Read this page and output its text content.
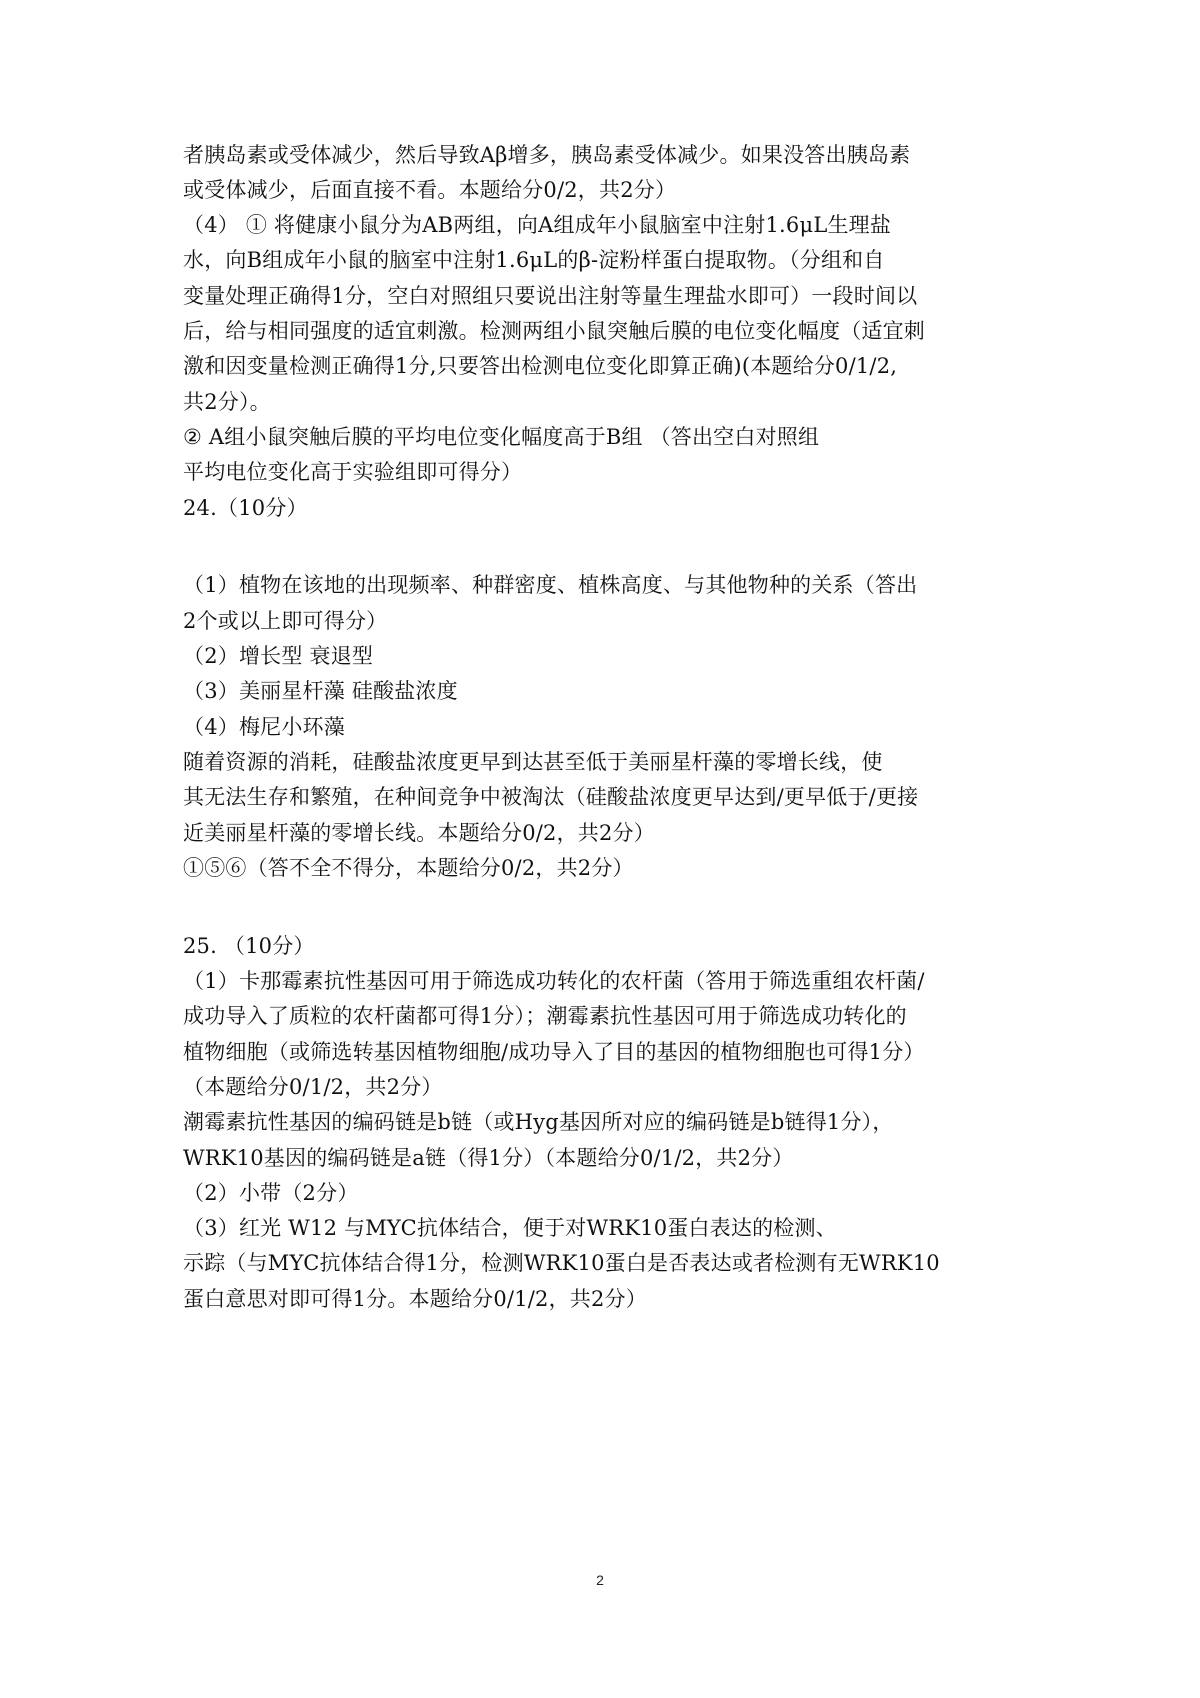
者胰岛素或受体减少，然后导致Aβ增多，胰岛素受体减少。如果没答出胰岛素
或受体减少，后面直接不看。本题给分0/2，共2分）
（4） ① 将健康小鼠分为AB两组，向A组成年小鼠脑室中注射1.6μL生理盐
水，向B组成年小鼠的脑室中注射1.6μL的β-淀粉样蛋白提取物。（分组和自
变量处理正确得1分，空白对照组只要说出注射等量生理盐水即可）一段时间以
后，给与相同强度的适宜刺激。检测两组小鼠突触后膜的电位变化幅度（适宜刺
激和因变量检测正确得1分,只要答出检测电位变化即算正确)(本题给分0/1/2,
共2分）。
② A组小鼠突触后膜的平均电位变化幅度高于B组 （答出空白对照组
平均电位变化高于实验组即可得分）
24.（10分）
（1）植物在该地的出现频率、种群密度、植株高度、与其他物种的关系（答出
2个或以上即可得分）
（2）增长型 衰退型
（3）美丽星杆藻 硅酸盐浓度
（4）梅尼小环藻
随着资源的消耗，硅酸盐浓度更早到达甚至低于美丽星杆藻的零增长线，使
其无法生存和繁殖，在种间竞争中被淘汰（硅酸盐浓度更早达到/更早低于/更接
近美丽星杆藻的零增长线。本题给分0/2，共2分）
①⑤⑥（答不全不得分，本题给分0/2，共2分）
25. （10分）
（1）卡那霉素抗性基因可用于筛选成功转化的农杆菌（答用于筛选重组农杆菌/
成功导入了质粒的农杆菌都可得1分）；潮霉素抗性基因可用于筛选成功转化的
植物细胞（或筛选转基因植物细胞/成功导入了目的基因的植物细胞也可得1分）
（本题给分0/1/2，共2分）
潮霉素抗性基因的编码链是b链（或Hyg基因所对应的编码链是b链得1分），
WRK10基因的编码链是a链（得1分）（本题给分0/1/2，共2分）
（2）小带（2分）
（3）红光 W12 与MYC抗体结合，便于对WRK10蛋白表达的检测、
示踪（与MYC抗体结合得1分，检测WRK10蛋白是否表达或者检测有无WRK10
蛋白意思对即可得1分。本题给分0/1/2，共2分）
2
